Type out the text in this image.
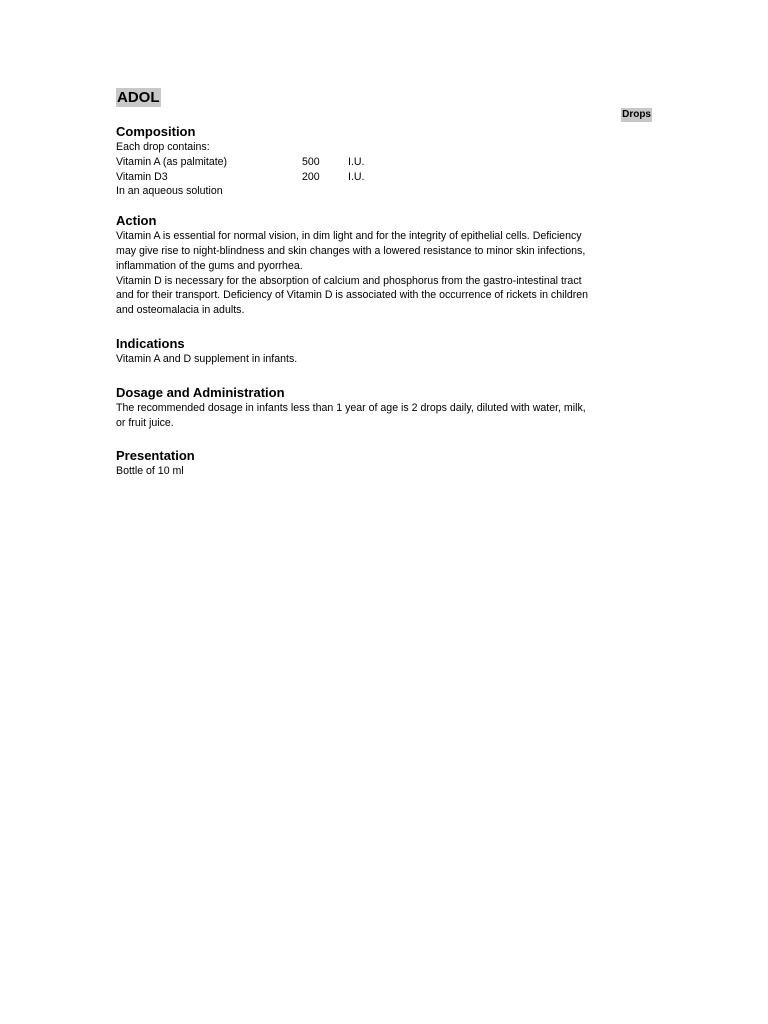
ADOL
Drops
Composition

Each drop contains:

Vitamin A (as palmitate)	500	I.U.
Vitamin D3	200	I.U.

In an aqueous solution

Action

Vitamin A is essential for normal vision, in dim light and for the integrity of epithelial cells. Deficiency
may give rise to night-blindness and skin changes with a lowered resistance to minor skin infections,
inflammation of the gums and pyorrhea.

Vitamin D is necessary for the absorption of calcium and phosphorus from the gastro-intestinal tract
and for their transport. Deficiency of Vitamin D is associated with the occurrence of rickets in children
and osteomalacia in adults.

Indications

Vitamin A and D supplement in infants.

Dosage and Administration

The recommended dosage in infants less than 1 year of age is 2 drops daily, diluted with water, milk,
or fruit juice.

Presentation

Bottle of 10 ml
